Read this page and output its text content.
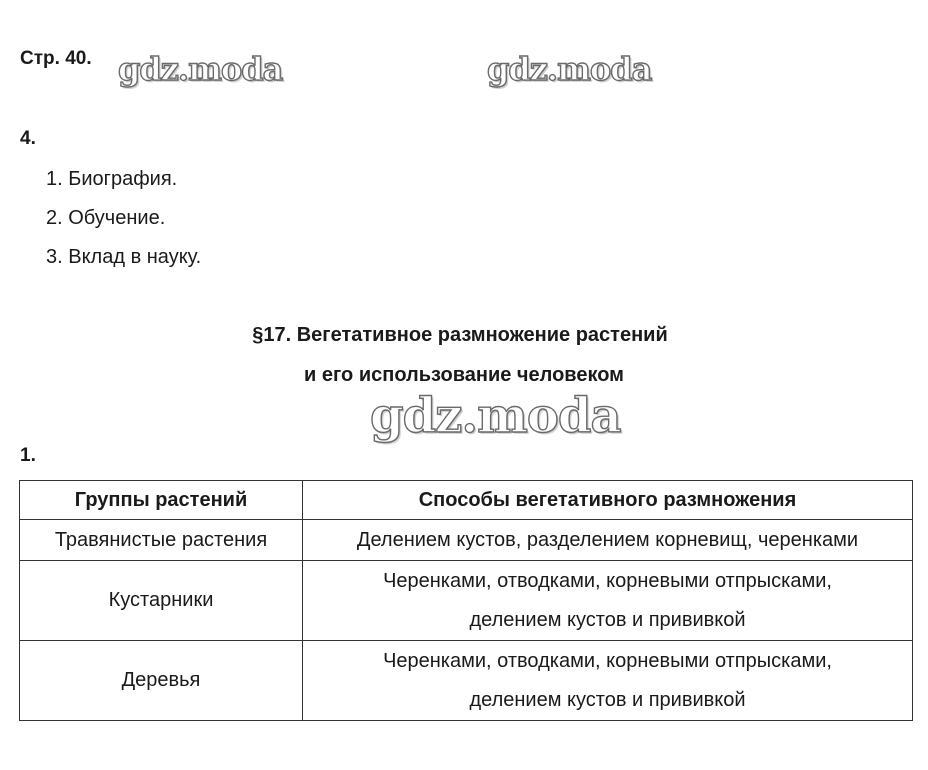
Стр. 40. gdz.moda	gdz.moda
4.
1. Биография.
2. Обучение.
3. Вклад в науку.
§17. Вегетативное размножение растений
и его использование человеком
gdz.moda
1.
Группы растений	Способы вегетативного размножения
Травянистые растения	Делением кустов, разделением корневищ, черенками
Кустарники	Черенками, отводками, корневыми отпрысками,
делением кустов и прививкой
Деревья	Черенками, отводками, корневыми отпрысками,
делением кустов и прививкой
